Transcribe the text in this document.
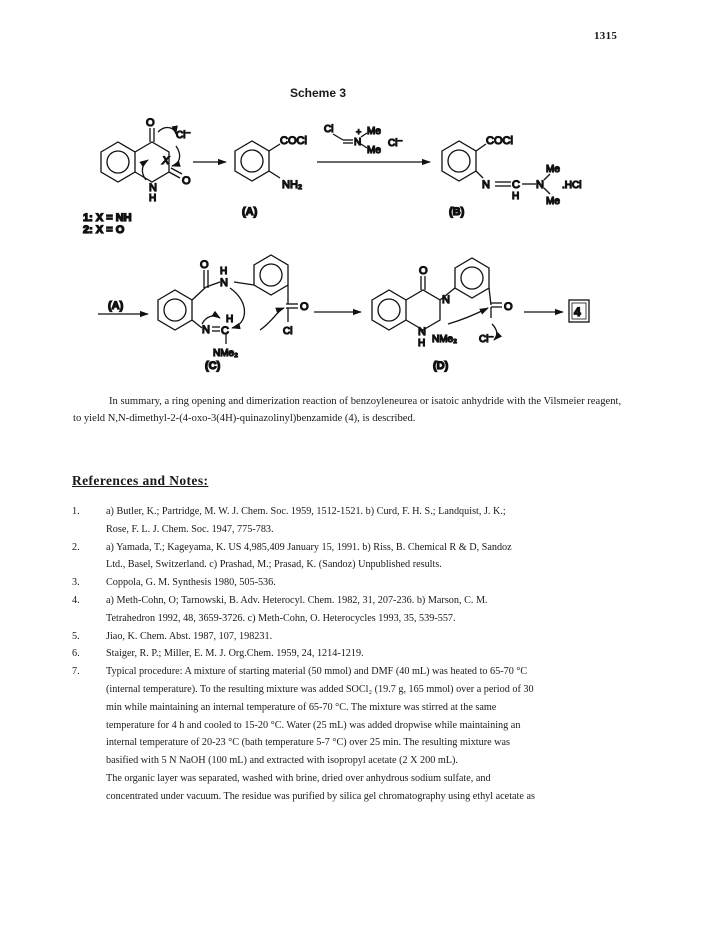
1315
Scheme 3
O
Cl⁻
X
N
H
O
1: X = NH
2: X = O
COCl
NH₂
(A)
Cl
N
+ Me
Me
Cl⁻	COCl
N C
H
N
Me
Me
.HCl
(B)
(A)
O
H
N
N
H
C
NMe₂
O
Cl
(C)
O
N
N
H NMe₂
O
Cl⁻
(D)
4

In summary, a ring opening and dimerization reaction of benzoyleneurea or isatoic anhydride with the Vilsmeier reagent, to yield N,N-dimethyl-2-(4-oxo-3(4H)-quinazolinyl)benzamide (4), is described.

References and Notes:
1.	a) Butler, K.; Partridge, M. W. J. Chem. Soc. 1959, 1512-1521. b) Curd, F. H. S.; Landquist, J. K.;
Rose, F. L. J. Chem. Soc. 1947, 775-783.
2.	a) Yamada, T.; Kageyama, K. US 4,985,409 January 15, 1991. b) Riss, B. Chemical R & D, Sandoz
Ltd., Basel, Switzerland. c) Prashad, M.; Prasad, K. (Sandoz) Unpublished results.
3.	Coppola, G. M. Synthesis 1980, 505-536.
4.	a) Meth-Cohn, O; Tarnowski, B. Adv. Heterocyl. Chem. 1982, 31, 207-236. b) Marson, C. M.
Tetrahedron 1992, 48, 3659-3726. c) Meth-Cohn, O. Heterocycles 1993, 35, 539-557.
5.	Jiao, K. Chem. Abst. 1987, 107, 198231.
6.	Staiger, R. P.; Miller, E. M. J. Org.Chem. 1959, 24, 1214-1219.
7.	Typical procedure: A mixture of starting material (50 mmol) and DMF (40 mL) was heated to 65-70 °C
(internal temperature). To the resulting mixture was added SOCl₂ (19.7 g, 165 mmol) over a period of 30
min while maintaining an internal temperature of 65-70 °C. The mixture was stirred at the same
temperature for 4 h and cooled to 15-20 °C. Water (25 mL) was added dropwise while maintaining an
internal temperature of 20-23 °C (bath temperature 5-7 °C) over 25 min. The resulting mixture was
basified with 5 N NaOH (100 mL) and extracted with isopropyl acetate (2 X 200 mL).
The organic layer was separated, washed with brine, dried over anhydrous sodium sulfate, and
concentrated under vacuum. The residue was purified by silica gel chromatography using ethyl acetate as
